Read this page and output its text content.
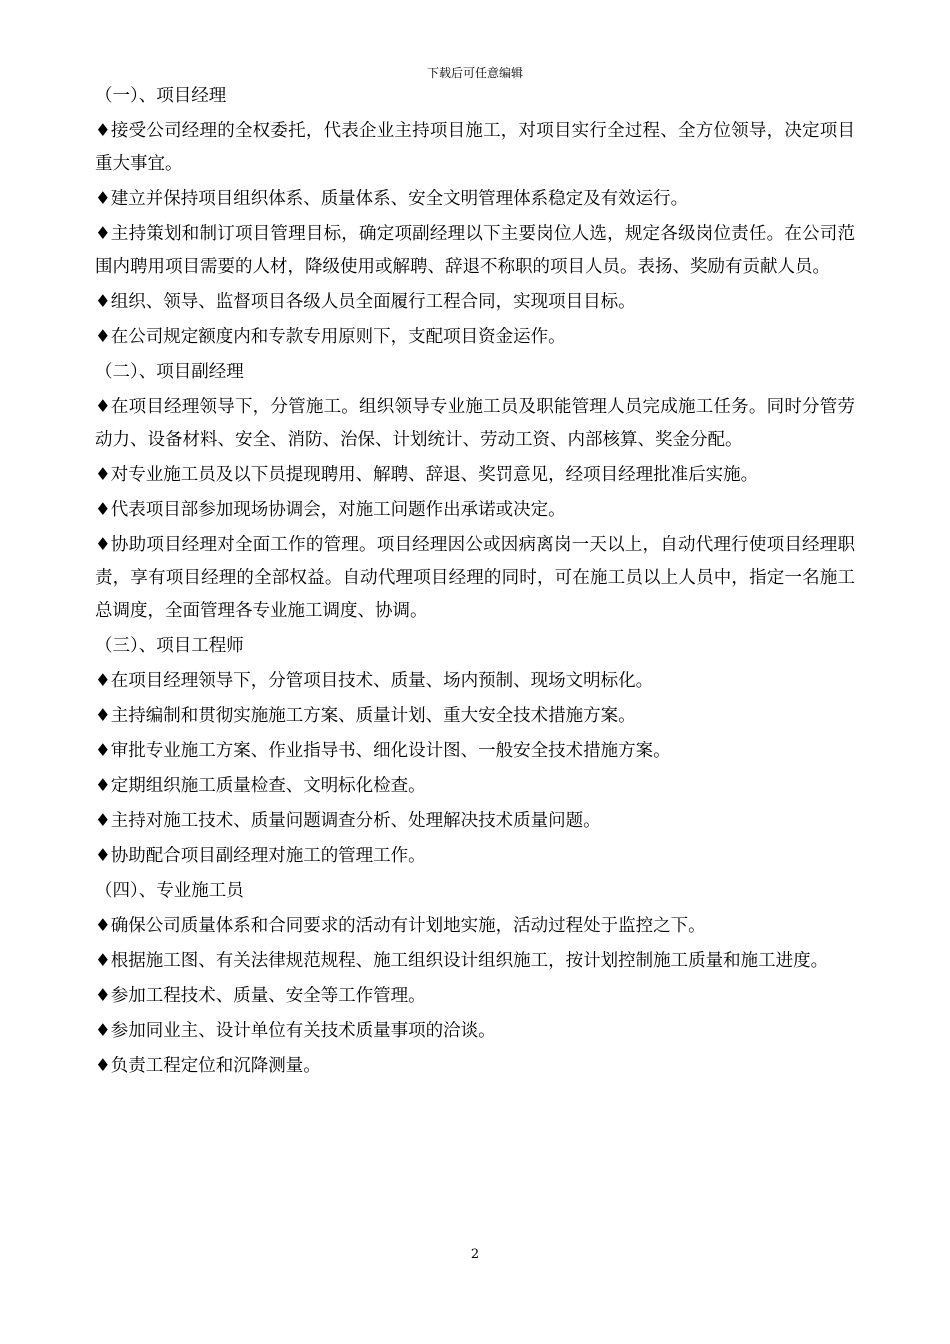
下载后可任意编辑
（一）、项目经理
♦接受公司经理的全权委托，代表企业主持项目施工，对项目实行全过程、全方位领导，决定项目重大事宜。
♦建立并保持项目组织体系、质量体系、安全文明管理体系稳定及有效运行。
♦主持策划和制订项目管理目标，确定项副经理以下主要岗位人选，规定各级岗位责任。在公司范围内聘用项目需要的人材，降级使用或解聘、辞退不称职的项目人员。表扬、奖励有贡献人员。
♦组织、领导、监督项目各级人员全面履行工程合同，实现项目目标。
♦在公司规定额度内和专款专用原则下，支配项目资金运作。
（二）、项目副经理
♦在项目经理领导下，分管施工。组织领导专业施工员及职能管理人员完成施工任务。同时分管劳动力、设备材料、安全、消防、治保、计划统计、劳动工资、内部核算、奖金分配。
♦对专业施工员及以下员提现聘用、解聘、辞退、奖罚意见，经项目经理批准后实施。
♦代表项目部参加现场协调会，对施工问题作出承诺或决定。
♦协助项目经理对全面工作的管理。项目经理因公或因病离岗一天以上，自动代理行使项目经理职责，享有项目经理的全部权益。自动代理项目经理的同时，可在施工员以上人员中，指定一名施工总调度，全面管理各专业施工调度、协调。
（三）、项目工程师
♦在项目经理领导下，分管项目技术、质量、场内预制、现场文明标化。
♦主持编制和贯彻实施施工方案、质量计划、重大安全技术措施方案。
♦审批专业施工方案、作业指导书、细化设计图、一般安全技术措施方案。
♦定期组织施工质量检查、文明标化检查。
♦主持对施工技术、质量问题调查分析、处理解决技术质量问题。
♦协助配合项目副经理对施工的管理工作。
（四）、专业施工员
♦确保公司质量体系和合同要求的活动有计划地实施，活动过程处于监控之下。
♦根据施工图、有关法律规范规程、施工组织设计组织施工，按计划控制施工质量和施工进度。
♦参加工程技术、质量、安全等工作管理。
♦参加同业主、设计单位有关技术质量事项的洽谈。
♦负责工程定位和沉降测量。
2
